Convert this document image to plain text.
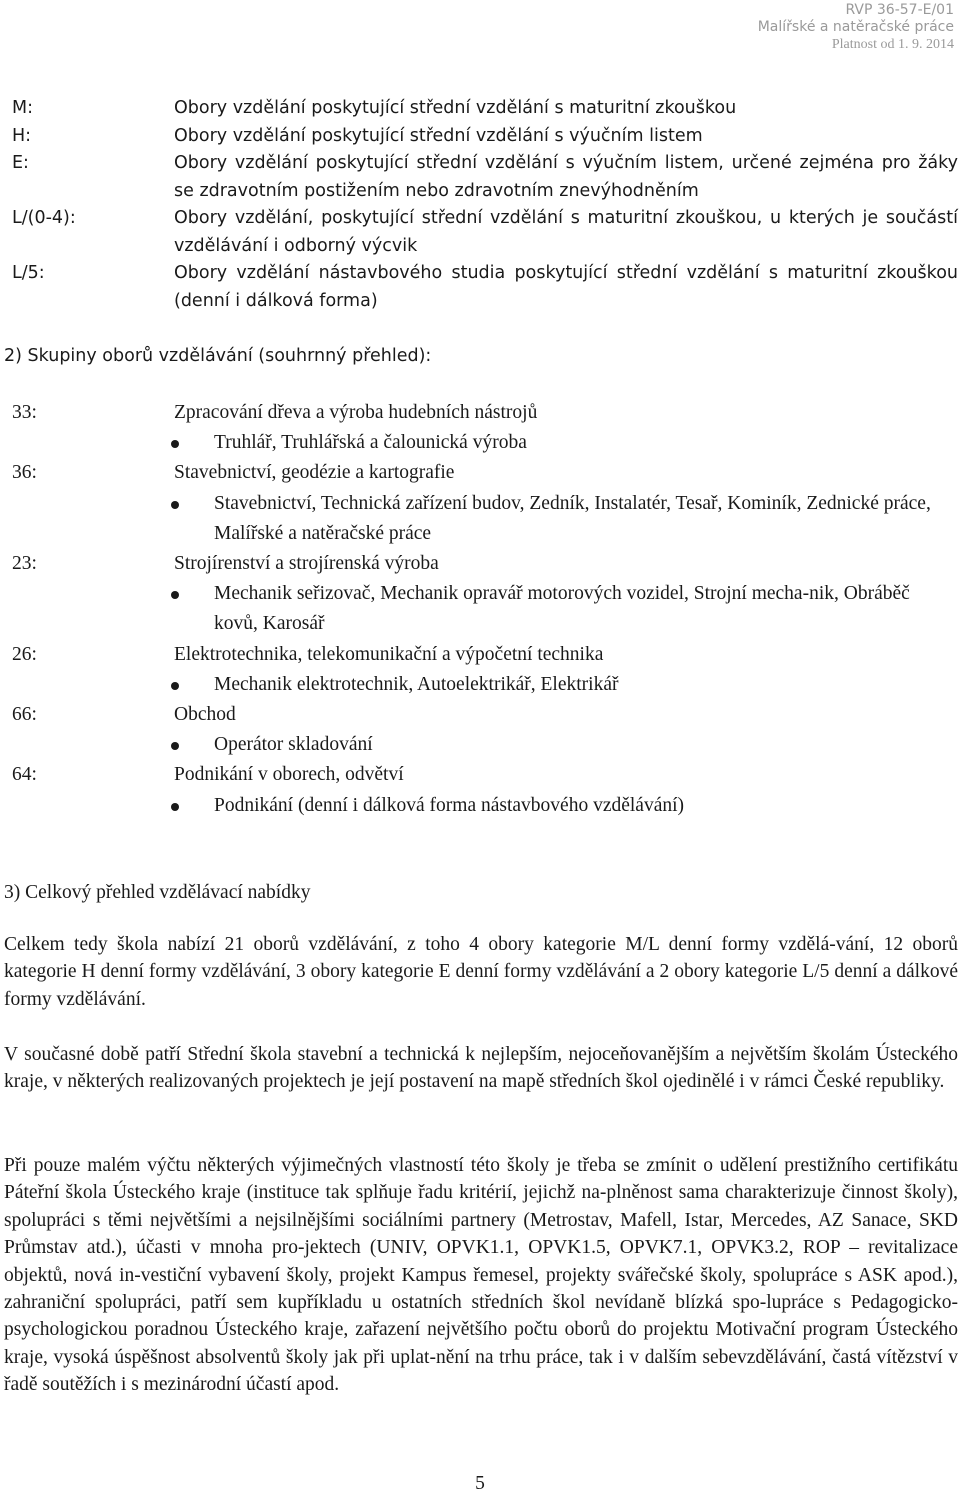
RVP 36-57-E/01
Malířské a natěračské práce
Platnost od 1. 9. 2014
M:	Obory vzdělání poskytující střední vzdělání s maturitní zkouškou
H:	Obory vzdělání poskytující střední vzdělání s výučním listem
E:	Obory vzdělání poskytující střední vzdělání s výučním listem, určené zejména pro žáky se zdravotním postižením nebo zdravotním znevýhodněním
L/(0-4):	Obory vzdělání, poskytující střední vzdělání s maturitní zkouškou, u kterých je součástí vzdělávání i odborný výcvik
L/5:	Obory vzdělání nástavbového studia poskytující střední vzdělání s maturitní zkouškou (denní i dálková forma)
2) Skupiny oborů vzdělávání (souhrnný přehled):
33:	Zpracování dřeva a výroba hudebních nástrojů
Truhlář, Truhlářská a čalounická výroba
36:	Stavebnictví, geodézie a kartografie
Stavebnictví, Technická zařízení budov, Zedník, Instalatér, Tesař, Kominík, Zednické práce, Malířské a natěračské práce
23:	Strojírenství a strojírenská výroba
Mechanik seřizovač, Mechanik opravář motorových vozidel, Strojní mecha-nik, Obráběč kovů, Karosář
26:	Elektrotechnika, telekomunikační a výpočetní technika
Mechanik elektrotechnik, Autoelektrikář, Elektrikář
66:	Obchod
Operátor skladování
64:	Podnikání v oborech, odvětví
Podnikání (denní i dálková forma nástavbového vzdělávání)
3) Celkový přehled vzdělávací nabídky
Celkem tedy škola nabízí 21 oborů vzdělávání, z toho 4 obory kategorie M/L denní formy vzdělá-vání, 12 oborů kategorie H denní formy vzdělávání, 3 obory kategorie E denní formy vzdělávání a 2 obory kategorie L/5 denní a dálkové formy vzdělávání.
V současné době patří Střední škola stavební a technická k nejlepším, nejoceňovanějším a největším školám Ústeckého kraje, v některých realizovaných projektech je její postavení na mapě středních škol ojedinělé i v rámci České republiky.
Při pouze malém výčtu některých výjimečných vlastností této školy je třeba se zmínit o udělení prestižního certifikátu Páteřní škola Ústeckého kraje (instituce tak splňuje řadu kritérií, jejichž na-plněnost sama charakterizuje činnost školy), spolupráci s těmi největšími a nejsilnějšími sociálními partnery (Metrostav, Mafell, Istar, Mercedes, AZ Sanace, SKD Průmstav atd.), účasti v mnoha pro-jektech (UNIV, OPVK1.1, OPVK1.5, OPVK7.1, OPVK3.2, ROP – revitalizace objektů, nová in-vestiční vybavení školy, projekt Kampus řemesel, projekty svářečské školy, spolupráce s ASK apod.), zahraniční spolupráci, patří sem kupříkladu u ostatních středních škol nevídaně blízká spo-lupráce s Pedagogicko-psychologickou poradnou Ústeckého kraje, zařazení největšího počtu oborů do projektu Motivační program Ústeckého kraje, vysoká úspěšnost absolventů školy jak při uplat-nění na trhu práce, tak i v dalším sebevzdělávání, častá vítězství v řadě soutěžích i s mezinárodní účastí apod.
5
